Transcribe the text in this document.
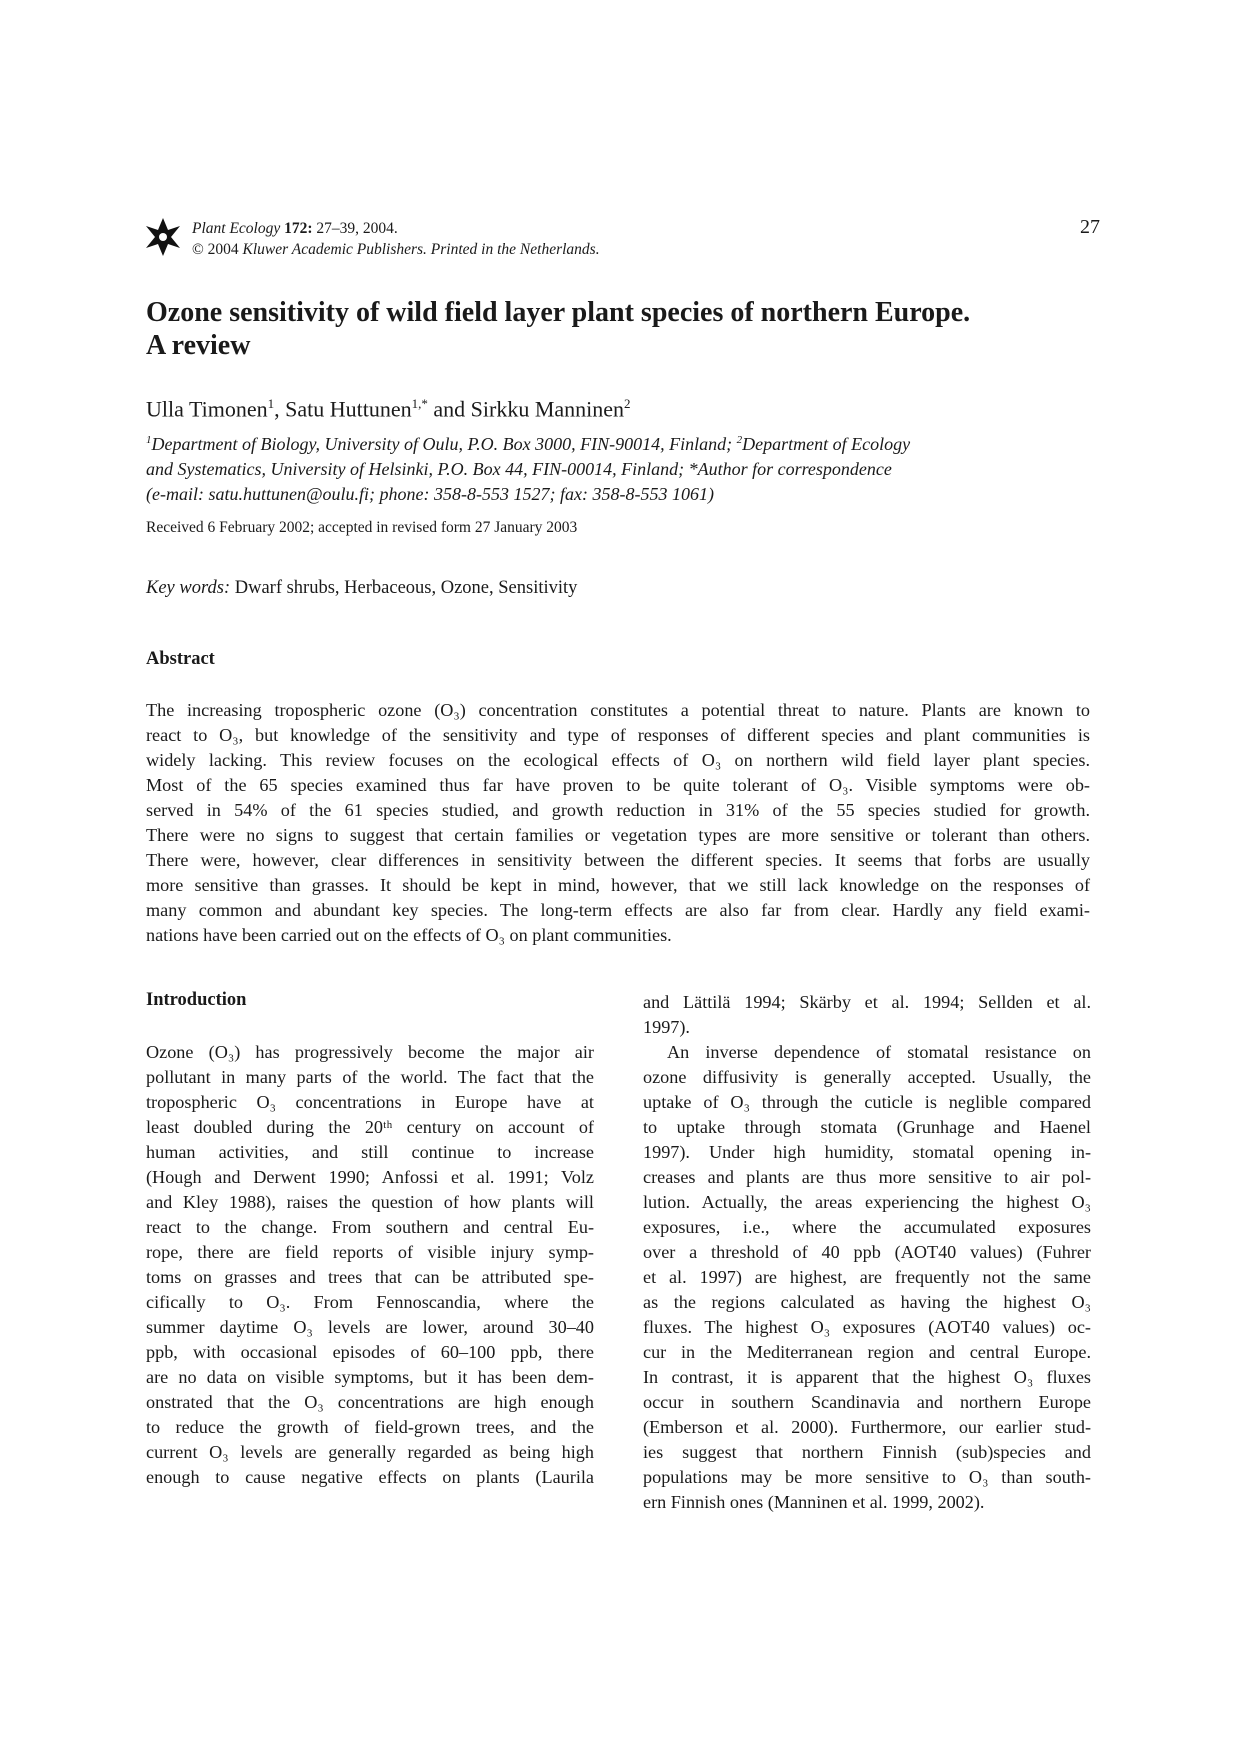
Plant Ecology 172: 27–39, 2004.
© 2004 Kluwer Academic Publishers. Printed in the Netherlands.
27
Ozone sensitivity of wild field layer plant species of northern Europe.
A review
Ulla Timonen$^1$, Satu Huttunen$^{1,*}$ and Sirkku Manninen$^2$

$^1$Department of Biology, University of Oulu, P.O. Box 3000, FIN-90014, Finland; $^2$Department of Ecology

and Systematics, University of Helsinki, P.O. Box 44, FIN-00014, Finland; *Author for correspondence

(e-mail: satu.huttunen@oulu.fi; phone: 358-8-553 1527; fax: 358-8-553 1061)

Received 6 February 2002; accepted in revised form 27 January 2003
Key words: Dwarf shrubs, Herbaceous, Ozone, Sensitivity
Abstract

The increasing tropospheric ozone (O₃) concentration constitutes a potential threat to nature. Plants are known to

react to O₃, but knowledge of the sensitivity and type of responses of different species and plant communities is

widely lacking. This review focuses on the ecological effects of O₃ on northern wild field layer plant species.

Most of the 65 species examined thus far have proven to be quite tolerant of O₃. Visible symptoms were ob-

served in 54% of the 61 species studied, and growth reduction in 31% of the 55 species studied for growth.

There were no signs to suggest that certain families or vegetation types are more sensitive or tolerant than others.

There were, however, clear differences in sensitivity between the different species. It seems that forbs are usually

more sensitive than grasses. It should be kept in mind, however, that we still lack knowledge on the responses of

many common and abundant key species. The long-term effects are also far from clear. Hardly any field exami-

nations have been carried out on the effects of O₃ on plant communities.

Introduction

Ozone (O₃) has progressively become the major air

pollutant in many parts of the world. The fact that the

tropospheric O₃ concentrations in Europe have at

least doubled during the 20ᵗʰ century on account of

human activities, and still continue to increase

(Hough and Derwent 1990; Anfossi et al. 1991; Volz

and Kley 1988), raises the question of how plants will

react to the change. From southern and central Eu-

rope, there are field reports of visible injury symp-

toms on grasses and trees that can be attributed spe-

cifically to O₃. From Fennoscandia, where the

summer daytime O₃ levels are lower, around 30–40

ppb, with occasional episodes of 60–100 ppb, there

are no data on visible symptoms, but it has been dem-

onstrated that the O₃ concentrations are high enough

to reduce the growth of field-grown trees, and the

current O₃ levels are generally regarded as being high

enough to cause negative effects on plants (Laurila

and Lättilä 1994; Skärby et al. 1994; Sellden et al.

1997).

An inverse dependence of stomatal resistance on

ozone diffusivity is generally accepted. Usually, the

uptake of O₃ through the cuticle is neglible compared

to uptake through stomata (Grunhage and Haenel

1997). Under high humidity, stomatal opening in-

creases and plants are thus more sensitive to air pol-

lution. Actually, the areas experiencing the highest O₃

exposures, i.e., where the accumulated exposures

over a threshold of 40 ppb (AOT40 values) (Fuhrer

et al. 1997) are highest, are frequently not the same

as the regions calculated as having the highest O₃

fluxes. The highest O₃ exposures (AOT40 values) oc-

cur in the Mediterranean region and central Europe.

In contrast, it is apparent that the highest O₃ fluxes

occur in southern Scandinavia and northern Europe

(Emberson et al. 2000). Furthermore, our earlier stud-

ies suggest that northern Finnish (sub)species and

populations may be more sensitive to O₃ than south-

ern Finnish ones (Manninen et al. 1999, 2002).
